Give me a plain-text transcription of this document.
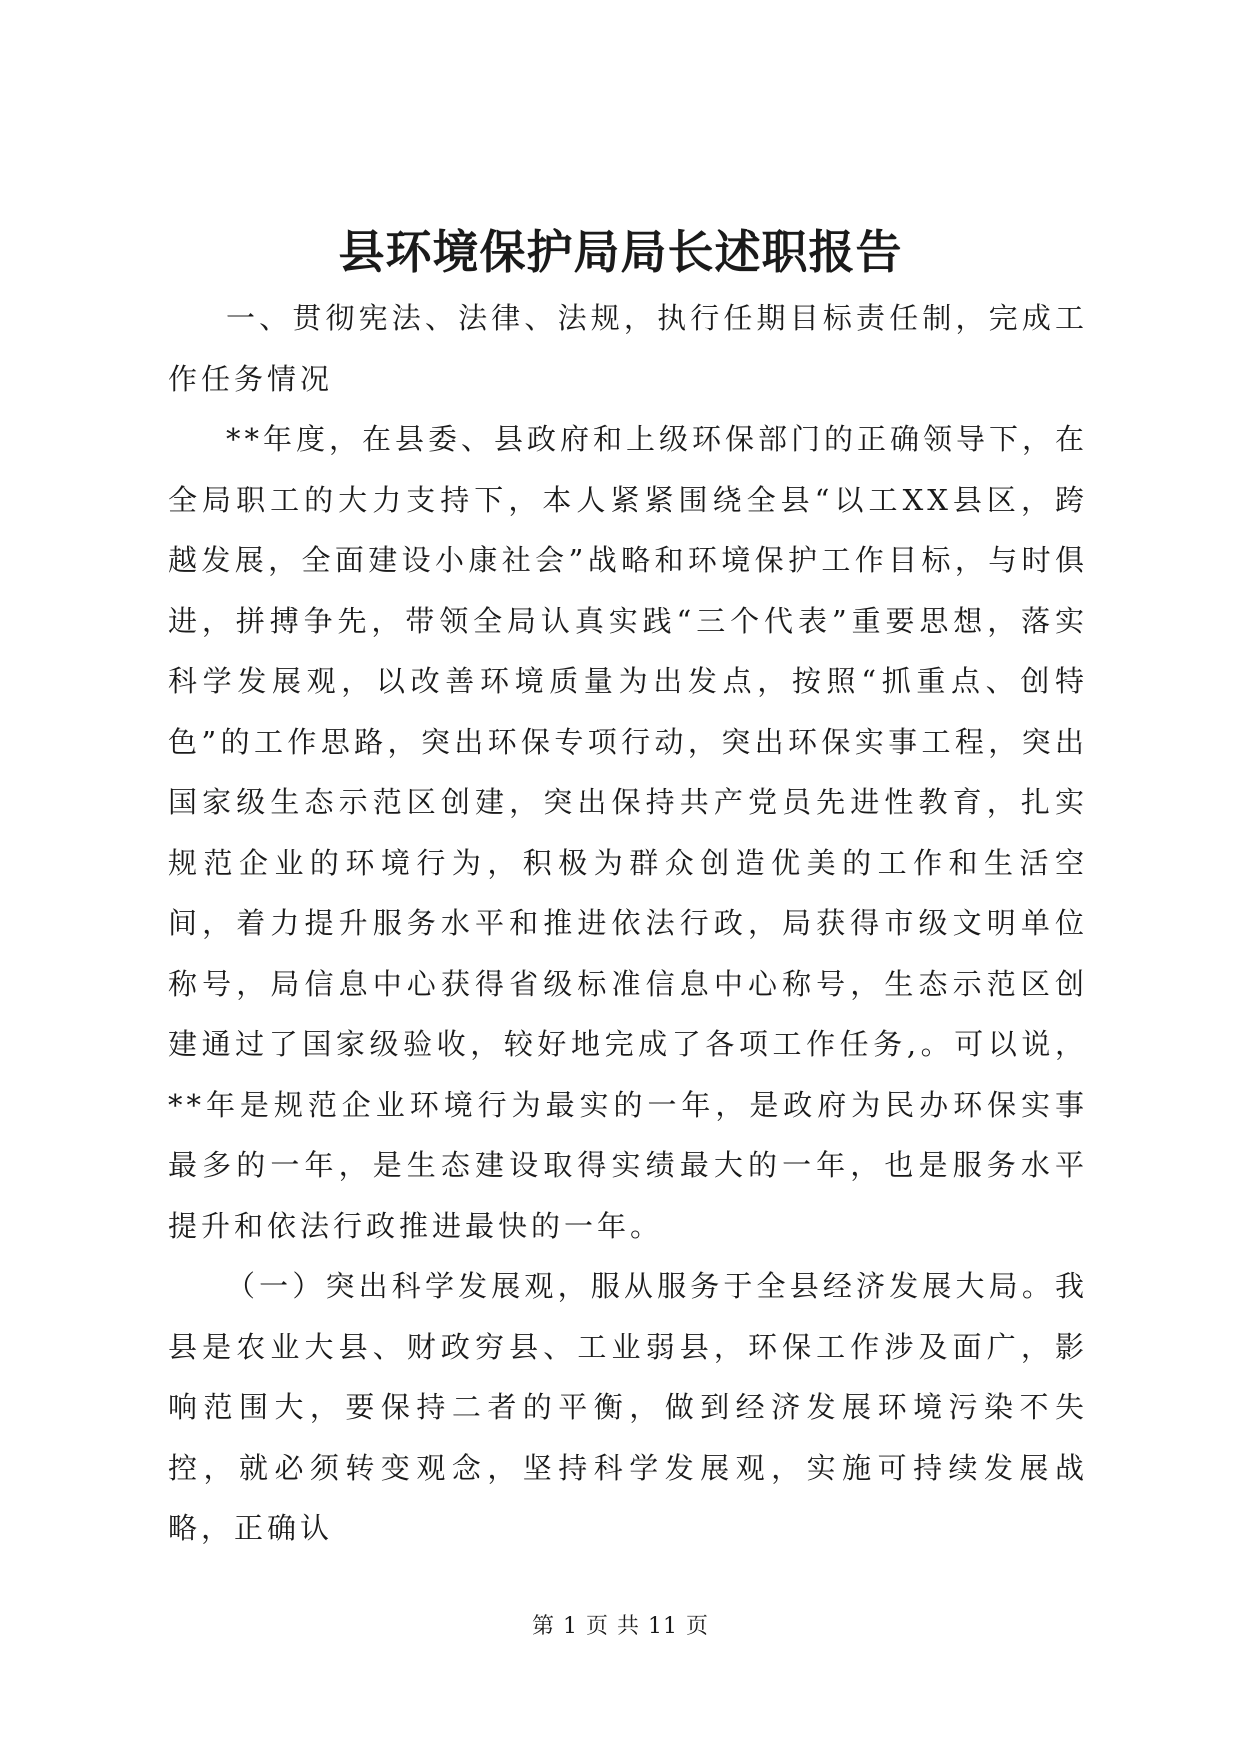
县环境保护局局长述职报告

一、贯彻宪法、法律、法规，执行任期目标责任制，完成工作任务情况

**年度，在县委、县政府和上级环保部门的正确领导下，在全局职工的大力支持下，本人紧紧围绕全县“以工XX县区，跨越发展，全面建设小康社会”战略和环境保护工作目标，与时俱进，拼搏争先，带领全局认真实践“三个代表”重要思想，落实科学发展观，以改善环境质量为出发点，按照“抓重点、创特色”的工作思路，突出环保专项行动，突出环保实事工程，突出国家级生态示范区创建，突出保持共产党员先进性教育，扎实规范企业的环境行为，积极为群众创造优美的工作和生活空间，着力提升服务水平和推进依法行政，局获得市级文明单位称号，局信息中心获得省级标准信息中心称号，生态示范区创建通过了国家级验收，较好地完成了各项工作任务,。可以说，**年是规范企业环境行为最实的一年，是政府为民办环保实事最多的一年，是生态建设取得实绩最大的一年，也是服务水平提升和依法行政推进最快的一年。

（一）突出科学发展观，服从服务于全县经济发展大局。我县是农业大县、财政穷县、工业弱县，环保工作涉及面广，影响范围大，要保持二者的平衡，做到经济发展环境污染不失控，就必须转变观念，坚持科学发展观，实施可持续发展战略，正确认

第 1 页 共 11 页
